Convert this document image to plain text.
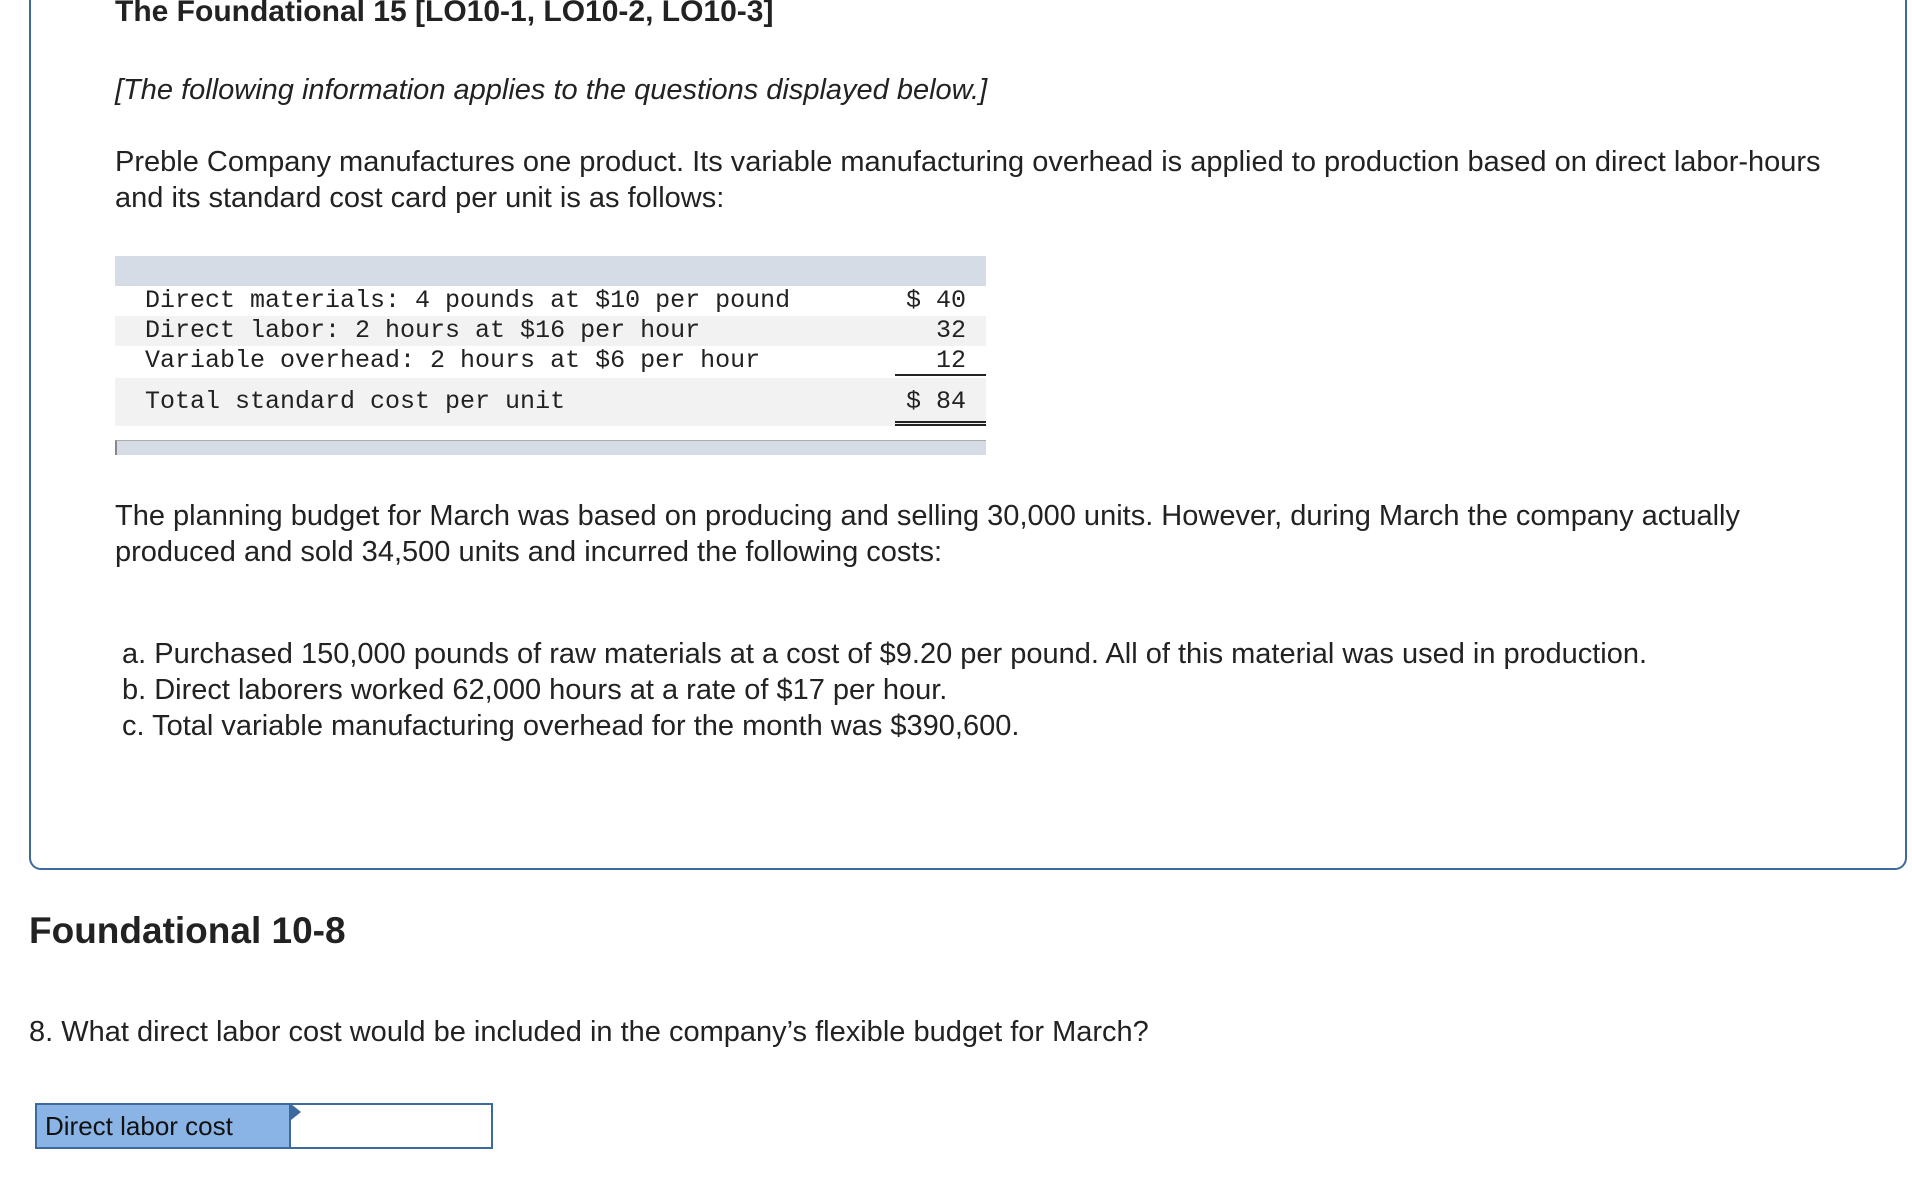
The Foundational 15 [LO10-1, LO10-2, LO10-3]
[The following information applies to the questions displayed below.]
Preble Company manufactures one product. Its variable manufacturing overhead is applied to production based on direct labor-hours and its standard cost card per unit is as follows:
Direct materials: 4 pounds at $10 per pound	$ 40
Direct labor: 2 hours at $16 per hour	32
Variable overhead: 2 hours at $6 per hour	12
Total standard cost per unit	$ 84
The planning budget for March was based on producing and selling 30,000 units. However, during March the company actually produced and sold 34,500 units and incurred the following costs:
a. Purchased 150,000 pounds of raw materials at a cost of $9.20 per pound. All of this material was used in production.
b. Direct laborers worked 62,000 hours at a rate of $17 per hour.
c. Total variable manufacturing overhead for the month was $390,600.
Foundational 10-8
8. What direct labor cost would be included in the company’s flexible budget for March?
Direct labor cost
